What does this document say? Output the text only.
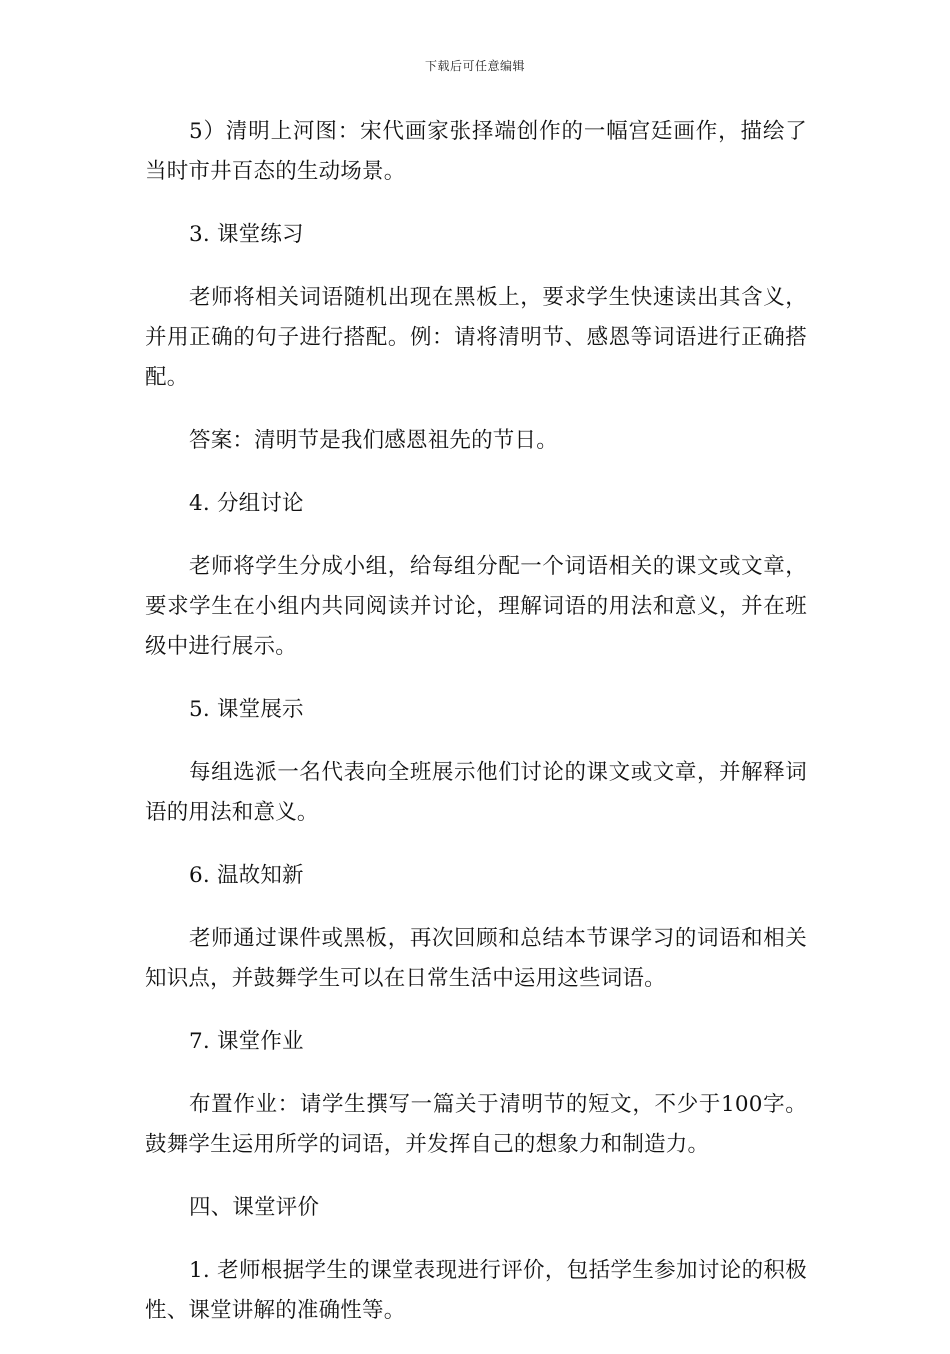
下载后可任意编辑

5）清明上河图：宋代画家张择端创作的一幅宫廷画作，描绘了当时市井百态的生动场景。

3. 课堂练习

老师将相关词语随机出现在黑板上，要求学生快速读出其含义，并用正确的句子进行搭配。例：请将清明节、感恩等词语进行正确搭配。

答案：清明节是我们感恩祖先的节日。

4. 分组讨论

老师将学生分成小组，给每组分配一个词语相关的课文或文章，要求学生在小组内共同阅读并讨论，理解词语的用法和意义，并在班级中进行展示。

5. 课堂展示

每组选派一名代表向全班展示他们讨论的课文或文章，并解释词语的用法和意义。

6. 温故知新

老师通过课件或黑板，再次回顾和总结本节课学习的词语和相关知识点，并鼓舞学生可以在日常生活中运用这些词语。

7. 课堂作业

布置作业：请学生撰写一篇关于清明节的短文，不少于100字。鼓舞学生运用所学的词语，并发挥自己的想象力和制造力。

四、课堂评价

1. 老师根据学生的课堂表现进行评价，包括学生参加讨论的积极性、课堂讲解的准确性等。
